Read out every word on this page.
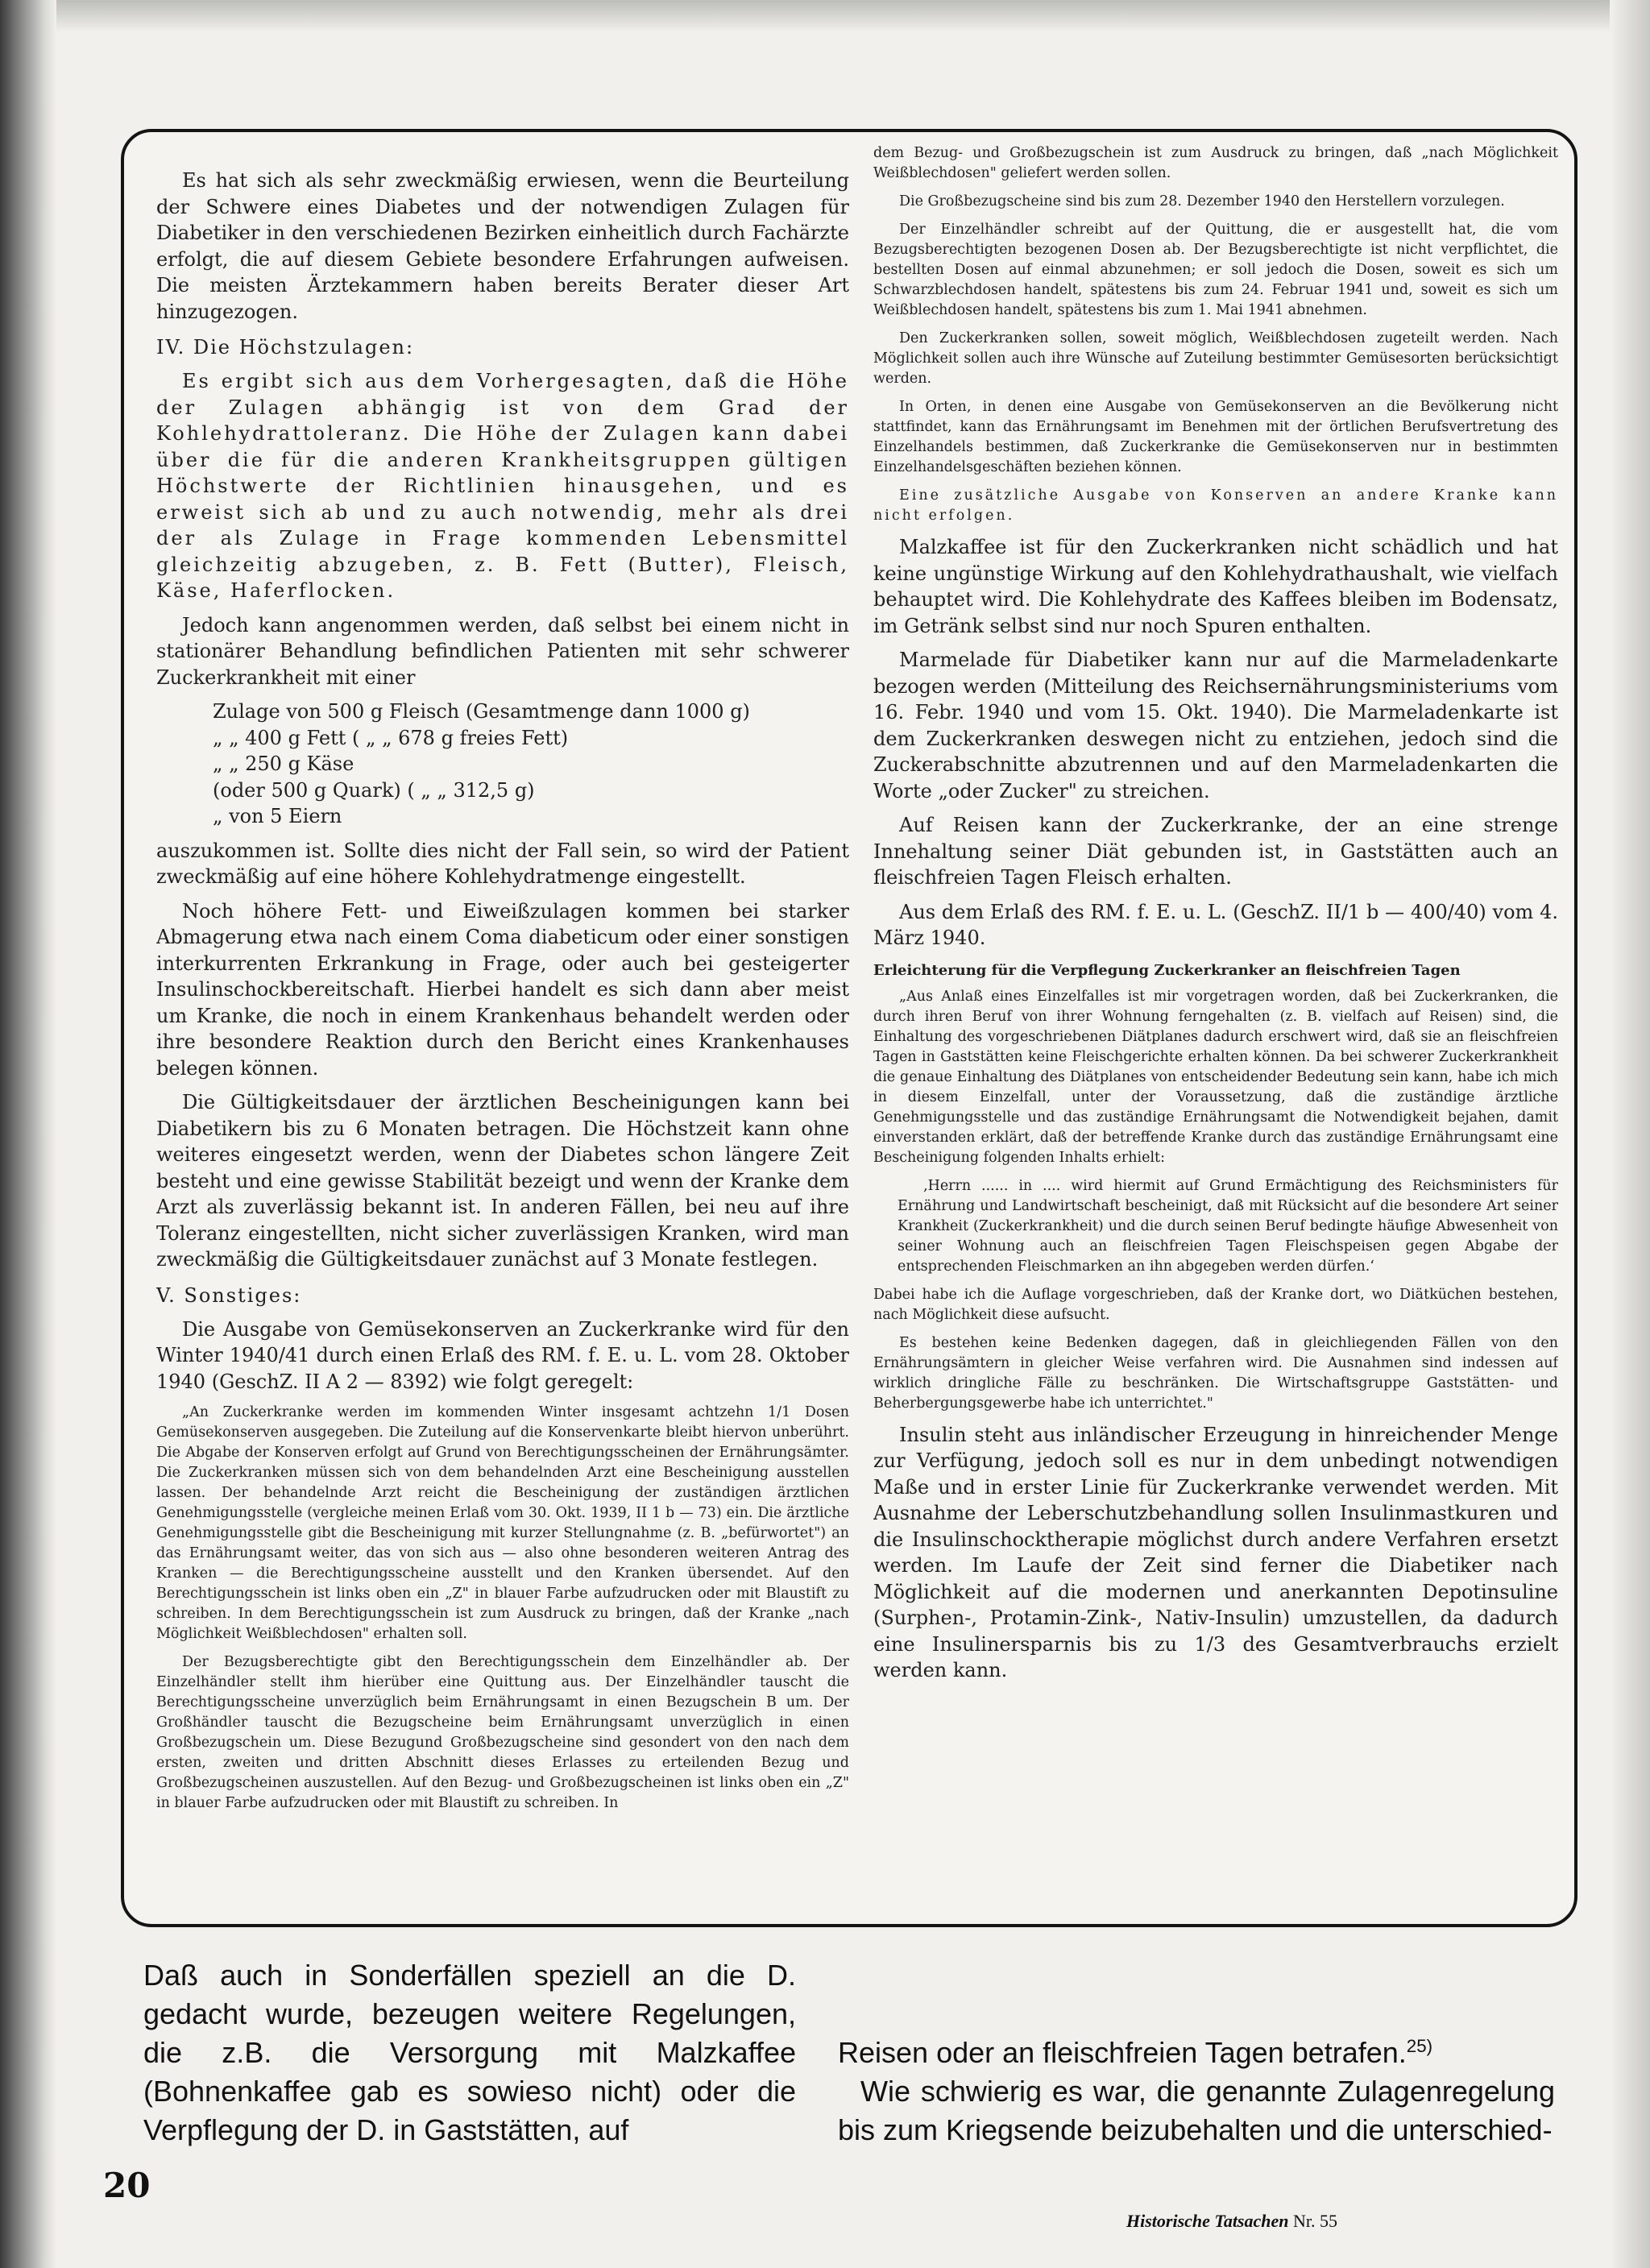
Es hat sich als sehr zweckmäßig erwiesen, wenn die Beurteilung der Schwere eines Diabetes und der notwendigen Zulagen für Diabetiker in den verschiedenen Bezirken einheitlich durch Fachärzte erfolgt, die auf diesem Gebiete besondere Erfahrungen aufweisen. Die meisten Ärztekammern haben bereits Berater dieser Art hinzugezogen.

IV. Die Höchstzulagen:

Es ergibt sich aus dem Vorhergesagten, daß die Höhe der Zulagen abhängig ist von dem Grad der Kohlehydrattoleranz. Die Höhe der Zulagen kann dabei über die für die anderen Krankheitsgruppen gültigen Höchstwerte der Richtlinien hinausgehen, und es erweist sich ab und zu auch notwendig, mehr als drei der als Zulage in Frage kommenden Lebensmittel gleichzeitig abzugeben, z. B. Fett (Butter), Fleisch, Käse, Haferflocken.

Jedoch kann angenommen werden, daß selbst bei einem nicht in stationärer Behandlung befindlichen Patienten mit sehr schwerer Zuckerkrankheit mit einer

Zulage von 500 g Fleisch (Gesamtmenge dann 1000 g)
„ „ 400 g Fett ( „ „ 678 g freies Fett)
„ „ 250 g Käse
(oder 500 g Quark) ( „ „ 312,5 g)
„ von 5 Eiern

auszukommen ist. Sollte dies nicht der Fall sein, so wird der Patient zweckmäßig auf eine höhere Kohlehydratmenge eingestellt.

Noch höhere Fett- und Eiweißzulagen kommen bei starker Abmagerung etwa nach einem Coma diabeticum oder einer sonstigen interkurrenten Erkrankung in Frage, oder auch bei gesteigerter Insulinschockbereitschaft. Hierbei handelt es sich dann aber meist um Kranke, die noch in einem Krankenhaus behandelt werden oder ihre besondere Reaktion durch den Bericht eines Krankenhauses belegen können.

Die Gültigkeitsdauer der ärztlichen Bescheinigungen kann bei Diabetikern bis zu 6 Monaten betragen. Die Höchstzeit kann ohne weiteres eingesetzt werden, wenn der Diabetes schon längere Zeit besteht und eine gewisse Stabilität bezeigt und wenn der Kranke dem Arzt als zuverlässig bekannt ist. In anderen Fällen, bei neu auf ihre Toleranz eingestellten, nicht sicher zuverlässigen Kranken, wird man zweckmäßig die Gültigkeitsdauer zunächst auf 3 Monate festlegen.

V. Sonstiges:

Die Ausgabe von Gemüsekonserven an Zuckerkranke wird für den Winter 1940/41 durch einen Erlaß des RM. f. E. u. L. vom 28. Oktober 1940 (GeschZ. II A 2 — 8392) wie folgt geregelt:

„An Zuckerkranke werden im kommenden Winter insgesamt achtzehn 1/1 Dosen Gemüsekonserven ausgegeben. Die Zuteilung auf die Konservenkarte bleibt hiervon unberührt. Die Abgabe der Konserven erfolgt auf Grund von Berechtigungsscheinen der Ernährungsämter. Die Zuckerkranken müssen sich von dem behandelnden Arzt eine Bescheinigung ausstellen lassen. Der behandelnde Arzt reicht die Bescheinigung der zuständigen ärztlichen Genehmigungsstelle (vergleiche meinen Erlaß vom 30. Okt. 1939, II 1 b — 73) ein. Die ärztliche Genehmigungsstelle gibt die Bescheinigung mit kurzer Stellungnahme (z. B. „befürwortet") an das Ernährungsamt weiter, das von sich aus — also ohne besonderen weiteren Antrag des Kranken — die Berechtigungsscheine ausstellt und den Kranken übersendet. Auf den Berechtigungsschein ist links oben ein „Z" in blauer Farbe aufzudrucken oder mit Blaustift zu schreiben. In dem Berechtigungsschein ist zum Ausdruck zu bringen, daß der Kranke „nach Möglichkeit Weißblechdosen" erhalten soll.

Der Bezugsberechtigte gibt den Berechtigungsschein dem Einzelhändler ab. Der Einzelhändler stellt ihm hierüber eine Quittung aus. Der Einzelhändler tauscht die Berechtigungsscheine unverzüglich beim Ernährungsamt in einen Bezugschein B um. Der Großhändler tauscht die Bezugscheine beim Ernährungsamt unverzüglich in einen Großbezugschein um. Diese Bezugund Großbezugscheine sind gesondert von den nach dem ersten, zweiten und dritten Abschnitt dieses Erlasses zu erteilenden Bezug und Großbezugscheinen auszustellen. Auf den Bezug- und Großbezugscheinen ist links oben ein „Z" in blauer Farbe aufzudrucken oder mit Blaustift zu schreiben. In

dem Bezug- und Großbezugschein ist zum Ausdruck zu bringen, daß „nach Möglichkeit Weißblechdosen" geliefert werden sollen.

Die Großbezugscheine sind bis zum 28. Dezember 1940 den Herstellern vorzulegen.

Der Einzelhändler schreibt auf der Quittung, die er ausgestellt hat, die vom Bezugsberechtigten bezogenen Dosen ab. Der Bezugsberechtigte ist nicht verpflichtet, die bestellten Dosen auf einmal abzunehmen; er soll jedoch die Dosen, soweit es sich um Schwarzblechdosen handelt, spätestens bis zum 24. Februar 1941 und, soweit es sich um Weißblechdosen handelt, spätestens bis zum 1. Mai 1941 abnehmen.

Den Zuckerkranken sollen, soweit möglich, Weißblechdosen zugeteilt werden. Nach Möglichkeit sollen auch ihre Wünsche auf Zuteilung bestimmter Gemüsesorten berücksichtigt werden.

In Orten, in denen eine Ausgabe von Gemüsekonserven an die Bevölkerung nicht stattfindet, kann das Ernährungsamt im Benehmen mit der örtlichen Berufsvertretung des Einzelhandels bestimmen, daß Zuckerkranke die Gemüsekonserven nur in bestimmten Einzelhandelsgeschäften beziehen können.

Eine zusätzliche Ausgabe von Konserven an andere Kranke kann nicht erfolgen.

Malzkaffee ist für den Zuckerkranken nicht schädlich und hat keine ungünstige Wirkung auf den Kohlehydrathaushalt, wie vielfach behauptet wird. Die Kohlehydrate des Kaffees bleiben im Bodensatz, im Getränk selbst sind nur noch Spuren enthalten.

Marmelade für Diabetiker kann nur auf die Marmeladenkarte bezogen werden (Mitteilung des Reichsernährungsministeriums vom 16. Febr. 1940 und vom 15. Okt. 1940). Die Marmeladenkarte ist dem Zuckerkranken deswegen nicht zu entziehen, jedoch sind die Zuckerabschnitte abzutrennen und auf den Marmeladenkarten die Worte „oder Zucker" zu streichen.

Auf Reisen kann der Zuckerkranke, der an eine strenge Innehaltung seiner Diät gebunden ist, in Gaststätten auch an fleischfreien Tagen Fleisch erhalten.

Aus dem Erlaß des RM. f. E. u. L. (GeschZ. II/1 b — 400/40) vom 4. März 1940.

Erleichterung für die Verpflegung Zuckerkranker an fleischfreien Tagen

„Aus Anlaß eines Einzelfalles ist mir vorgetragen worden, daß bei Zuckerkranken, die durch ihren Beruf von ihrer Wohnung ferngehalten (z. B. vielfach auf Reisen) sind, die Einhaltung des vorgeschriebenen Diätplanes dadurch erschwert wird, daß sie an fleischfreien Tagen in Gaststätten keine Fleischgerichte erhalten können. Da bei schwerer Zuckerkrankheit die genaue Einhaltung des Diätplanes von entscheidender Bedeutung sein kann, habe ich mich in diesem Einzelfall, unter der Voraussetzung, daß die zuständige ärztliche Genehmigungsstelle und das zuständige Ernährungsamt die Notwendigkeit bejahen, damit einverstanden erklärt, daß der betreffende Kranke durch das zuständige Ernährungsamt eine Bescheinigung folgenden Inhalts erhielt:

‚Herrn ...... in .... wird hiermit auf Grund Ermächtigung des Reichsministers für Ernährung und Landwirtschaft bescheinigt, daß mit Rücksicht auf die besondere Art seiner Krankheit (Zuckerkrankheit) und die durch seinen Beruf bedingte häufige Abwesenheit von seiner Wohnung auch an fleischfreien Tagen Fleischspeisen gegen Abgabe der entsprechenden Fleischmarken an ihn abgegeben werden dürfen.‘

Dabei habe ich die Auflage vorgeschrieben, daß der Kranke dort, wo Diätküchen bestehen, nach Möglichkeit diese aufsucht.

Es bestehen keine Bedenken dagegen, daß in gleichliegenden Fällen von den Ernährungsämtern in gleicher Weise verfahren wird. Die Ausnahmen sind indessen auf wirklich dringliche Fälle zu beschränken. Die Wirtschaftsgruppe Gaststätten- und Beherbergungsgewerbe habe ich unterrichtet."

Insulin steht aus inländischer Erzeugung in hinreichender Menge zur Verfügung, jedoch soll es nur in dem unbedingt notwendigen Maße und in erster Linie für Zuckerkranke verwendet werden. Mit Ausnahme der Leberschutzbehandlung sollen Insulinmastkuren und die Insulinschocktherapie möglichst durch andere Verfahren ersetzt werden. Im Laufe der Zeit sind ferner die Diabetiker nach Möglichkeit auf die modernen und anerkannten Depotinsuline (Surphen-, Protamin-Zink-, Nativ-Insulin) umzustellen, da dadurch eine Insulinersparnis bis zu 1/3 des Gesamtverbrauchs erzielt werden kann.

Daß auch in Sonderfällen speziell an die D. gedacht wurde, bezeugen weitere Regelungen, die z.B. die Versorgung mit Malzkaffee (Bohnenkaffee gab es sowieso nicht) oder die Verpflegung der D. in Gaststätten, auf

Reisen oder an fleischfreien Tagen betrafen.$^{25)}$

Wie schwierig es war, die genannte Zulagenregelung bis zum Kriegsende beizubehalten und die unterschied-

20
Historische Tatsachen Nr. 55
